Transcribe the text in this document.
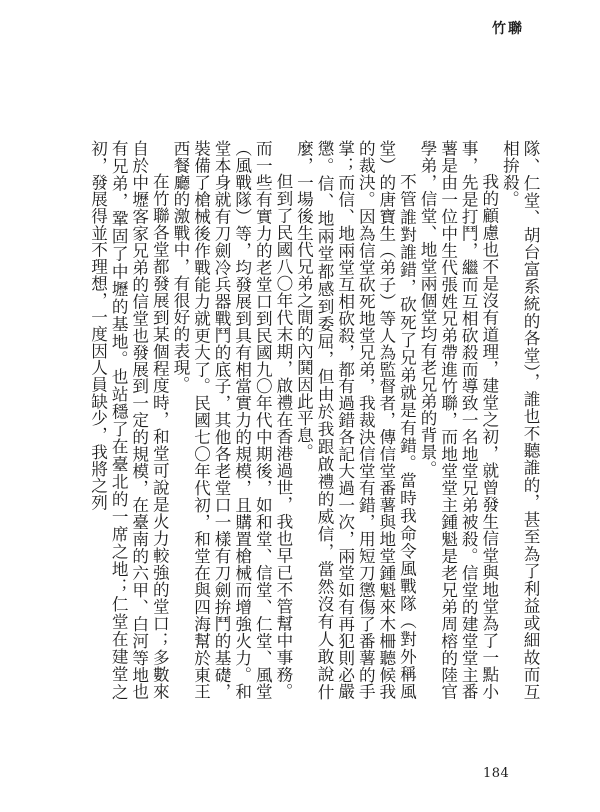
竹聯

隊、仁堂、胡台富系統的各堂），誰也不聽誰的，甚至為了利益或細故而互相拚殺。

我的顧慮也不是沒有道理，建堂之初，就曾發生信堂與地堂為了一點小事，先是打鬥，繼而互相砍殺而導致一名地堂兄弟被殺。信堂的建堂堂主番薯是由一位中生代張姓兄弟帶進竹聯，而地堂堂主鍾魁是老兄弟周榕的陸官學弟，信堂、地堂兩個堂均有老兄弟的背景。

不管誰對誰錯，砍死了兄弟就是有錯。當時我命令風戰隊（對外稱風堂）的唐寶生（弟子）等人為監督者，傳信堂番薯與地堂鍾魁來木柵聽候我的裁決。因為信堂砍死地堂兄弟，我裁決信堂有錯，用短刀懲傷了番薯的手掌；而信、地兩堂互相砍殺，都有過錯各記大過一次，兩堂如有再犯則必嚴懲。信、地兩堂都感到委屈，但由於我跟啟禮的威信，當然沒有人敢說什麼，一場後生代兄弟之間的內鬨因此平息。

但到了民國八〇年代末期，啟禮在香港過世，我也早已不管幫中事務。而一些有實力的老堂口到民國九〇年代中期後，如和堂、信堂、仁堂、風堂（風戰隊）等，均發展到具有相當實力的規模，且購置槍械而增強火力。和堂本身就有刀劍冷兵器戰鬥的底子，其他各老堂口一樣有刀劍拚鬥的基礎，裝備了槍械後作戰能力就更大了。民國七〇年代初，和堂在與四海幫於東王西餐廳的激戰中，有很好的表現。

在竹聯各堂都發展到某個程度時，和堂可說是火力較強的堂口；多數來自於中壢客家兄弟的信堂也發展到一定的規模，在臺南的六甲、白河等地也有兄弟，鞏固了中壢的基地。也站穩了在臺北的一席之地；仁堂在建堂之初，發展得並不理想，一度因人員缺少，我將之列

184
